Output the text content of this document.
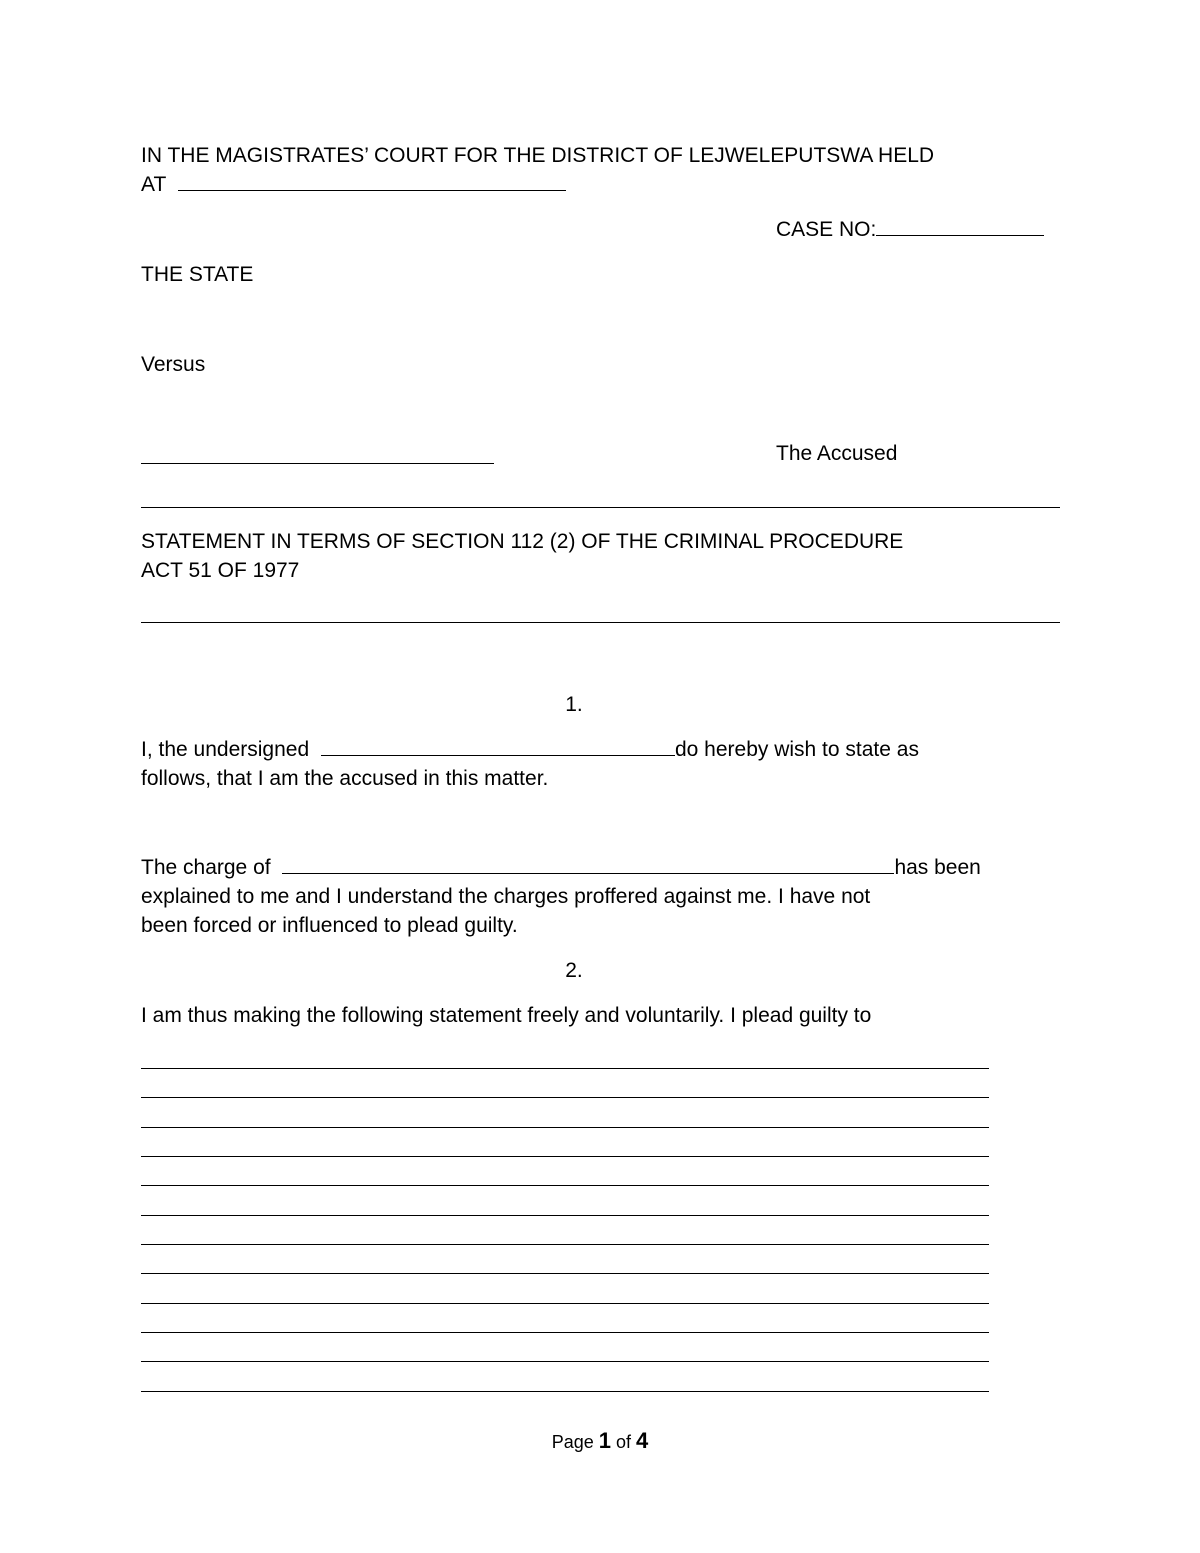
IN THE MAGISTRATES’ COURT FOR THE DISTRICT OF LEJWELEPUTSWA HELD
AT
CASE NO:
THE STATE
Versus
The Accused
STATEMENT IN TERMS OF SECTION 112 (2) OF THE CRIMINAL PROCEDURE
ACT 51 OF 1977
1.
I, the undersigned	do hereby wish to state as
follows, that I am the accused in this matter.
The charge of	has been
explained to me and I understand the charges proffered against me. I have not
been forced or influenced to plead guilty.
2.
I am thus making the following statement freely and voluntarily. I plead guilty to
Page 1 of 4
